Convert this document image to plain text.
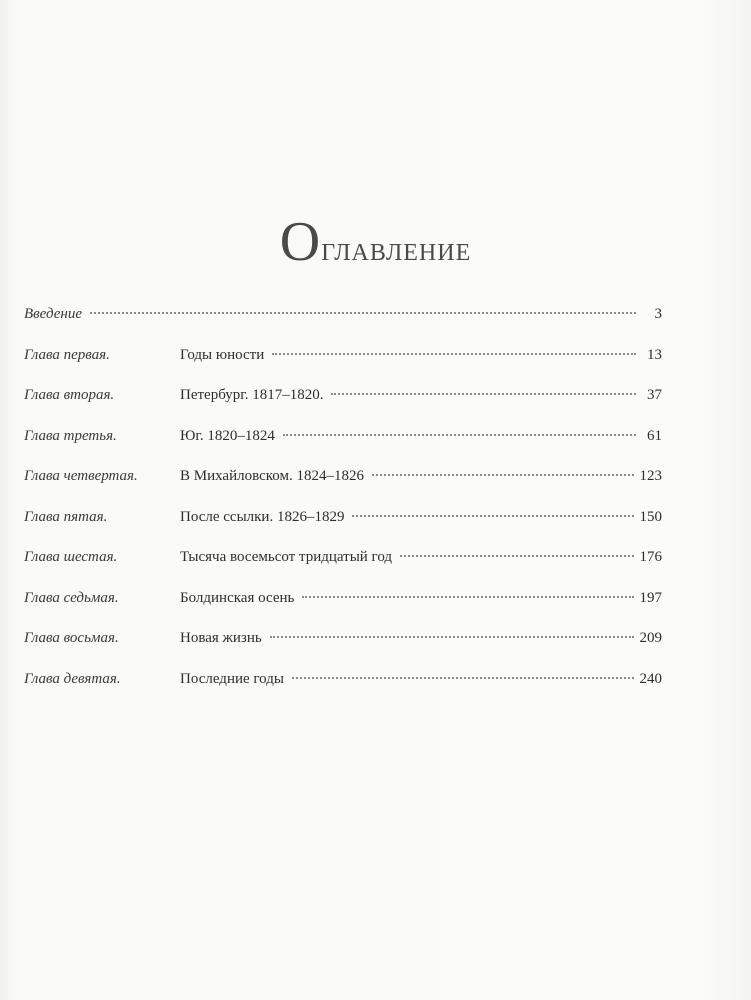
Оглавление
Введение	3
Глава первая.	Годы юности	13
Глава вторая.	Петербург. 1817–1820.	37
Глава третья.	Юг. 1820–1824	61
Глава четвертая.	В Михайловском. 1824–1826	123
Глава пятая.	После ссылки. 1826–1829	150
Глава шестая.	Тысяча восемьсот тридцатый год	176
Глава седьмая.	Болдинская осень	197
Глава восьмая.	Новая жизнь	209
Глава девятая.	Последние годы	240
